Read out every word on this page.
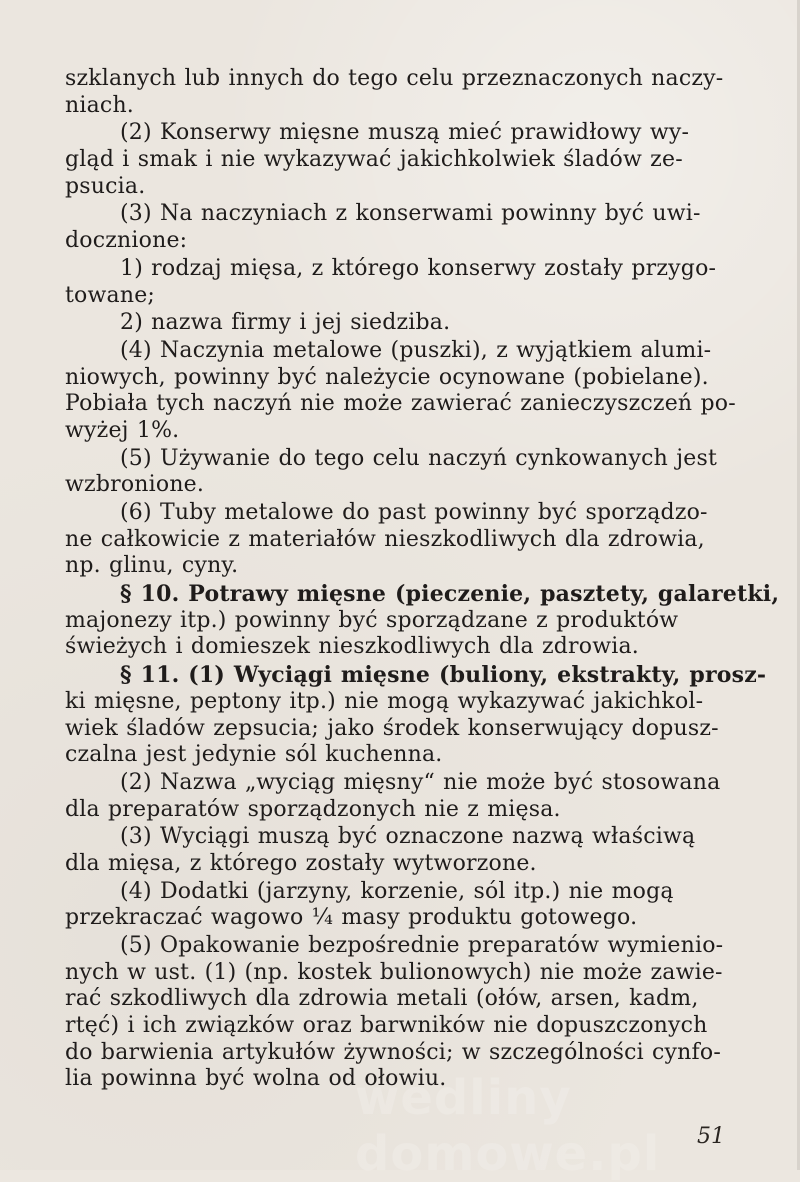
szklanych lub innych do tego celu przeznaczonych naczy-
niach.
(2) Konserwy mięsne muszą mieć prawidłowy wy-
gląd i smak i nie wykazywać jakichkolwiek śladów ze-
psucia.
(3) Na naczyniach z konserwami powinny być uwi-
docznione:
1) rodzaj mięsa, z którego konserwy zostały przygo-
towane;
2) nazwa firmy i jej siedziba.
(4) Naczynia metalowe (puszki), z wyjątkiem alumi-
niowych, powinny być należycie ocynowane (pobielane).
Pobiała tych naczyń nie może zawierać zanieczyszczeń po-
wyżej 1%.
(5) Używanie do tego celu naczyń cynkowanych jest
wzbronione.
(6) Tuby metalowe do past powinny być sporządzo-
ne całkowicie z materiałów nieszkodliwych dla zdrowia,
np. glinu, cyny.
§ 10. Potrawy mięsne (pieczenie, pasztety, galaretki,
majonezy itp.) powinny być sporządzane z produktów
świeżych i domieszek nieszkodliwych dla zdrowia.
§ 11. (1) Wyciągi mięsne (buliony, ekstrakty, prosz-
ki mięsne, peptony itp.) nie mogą wykazywać jakichkol-
wiek śladów zepsucia; jako środek konserwujący dopusz-
czalna jest jedynie sól kuchenna.
(2) Nazwa „wyciąg mięsny“ nie może być stosowana
dla preparatów sporządzonych nie z mięsa.
(3) Wyciągi muszą być oznaczone nazwą właściwą
dla mięsa, z którego zostały wytworzone.
(4) Dodatki (jarzyny, korzenie, sól itp.) nie mogą
przekraczać wagowo ¼ masy produktu gotowego.
(5) Opakowanie bezpośrednie preparatów wymienio-
nych w ust. (1) (np. kostek bulionowych) nie może zawie-
rać szkodliwych dla zdrowia metali (ołów, arsen, kadm,
rtęć) i ich związków oraz barwników nie dopuszczonych
do barwienia artykułów żywności; w szczególności cynfo-
lia powinna być wolna od ołowiu.
wedliny domowe.pl	51
